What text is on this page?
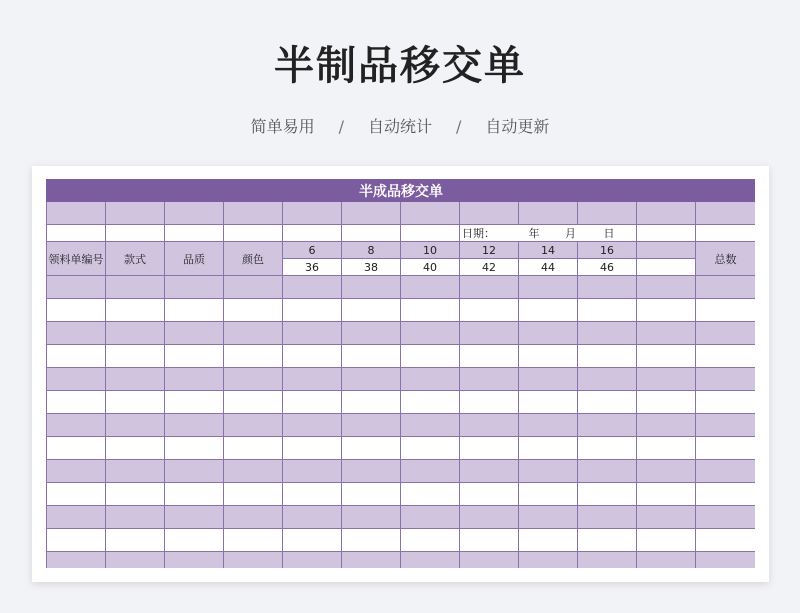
半制品移交单
简单易用 / 自动统计 / 自动更新
半成品移交单											

							日期： 年 月 日				
领料单编号	款式	品质	颜色	6	8	10	12	14	16		总数
				36	38	40	42	44	46		
